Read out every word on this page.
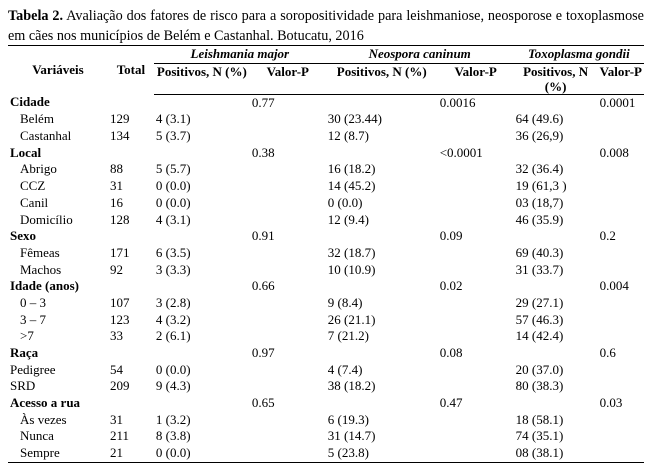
Tabela 2. Avaliação dos fatores de risco para a soropositividade para leishmaniose, neosporose e toxoplasmose em cães nos municípios de Belém e Castanhal. Botucatu, 2016
Variáveis	Total	Leishmania major		Neospora caninum		Toxoplasma gondii	
		Positivos, N (%)	Valor-P	Positivos, N (%)	Valor-P	Positivos, N (%)	Valor-P
Cidade			0.77		0.0016		0.0001
Belém	129	4 (3.1)		30 (23.44)		64 (49.6)	
Castanhal	134	5 (3.7)		12 (8.7)		36 (26,9)	
Local			0.38		<0.0001		0.008
Abrigo	88	5 (5.7)		16 (18.2)		32 (36.4)	
CCZ	31	0 (0.0)		14 (45.2)		19 (61,3 )	
Canil	16	0 (0.0)		0 (0.0)		03 (18,7)	
Domicílio	128	4 (3.1)		12 (9.4)		46 (35.9)	
Sexo			0.91		0.09		0.2
Fêmeas	171	6 (3.5)		32 (18.7)		69 (40.3)	
Machos	92	3 (3.3)		10 (10.9)		31 (33.7)	
Idade (anos)			0.66		0.02		0.004
0 – 3	107	3 (2.8)		9 (8.4)		29 (27.1)	
3 – 7	123	4 (3.2)		26 (21.1)		57 (46.3)	
>7	33	2 (6.1)		7 (21.2)		14 (42.4)	
Raça			0.97		0.08		0.6
Pedigree	54	0 (0.0)		4 (7.4)		20 (37.0)	
SRD	209	9 (4.3)		38 (18.2)		80 (38.3)	
Acesso a rua			0.65		0.47		0.03
Às vezes	31	1 (3.2)		6 (19.3)		18 (58.1)	
Nunca	211	8 (3.8)		31 (14.7)		74 (35.1)	
Sempre	21	0 (0.0)		5 (23.8)		08 (38.1)	
